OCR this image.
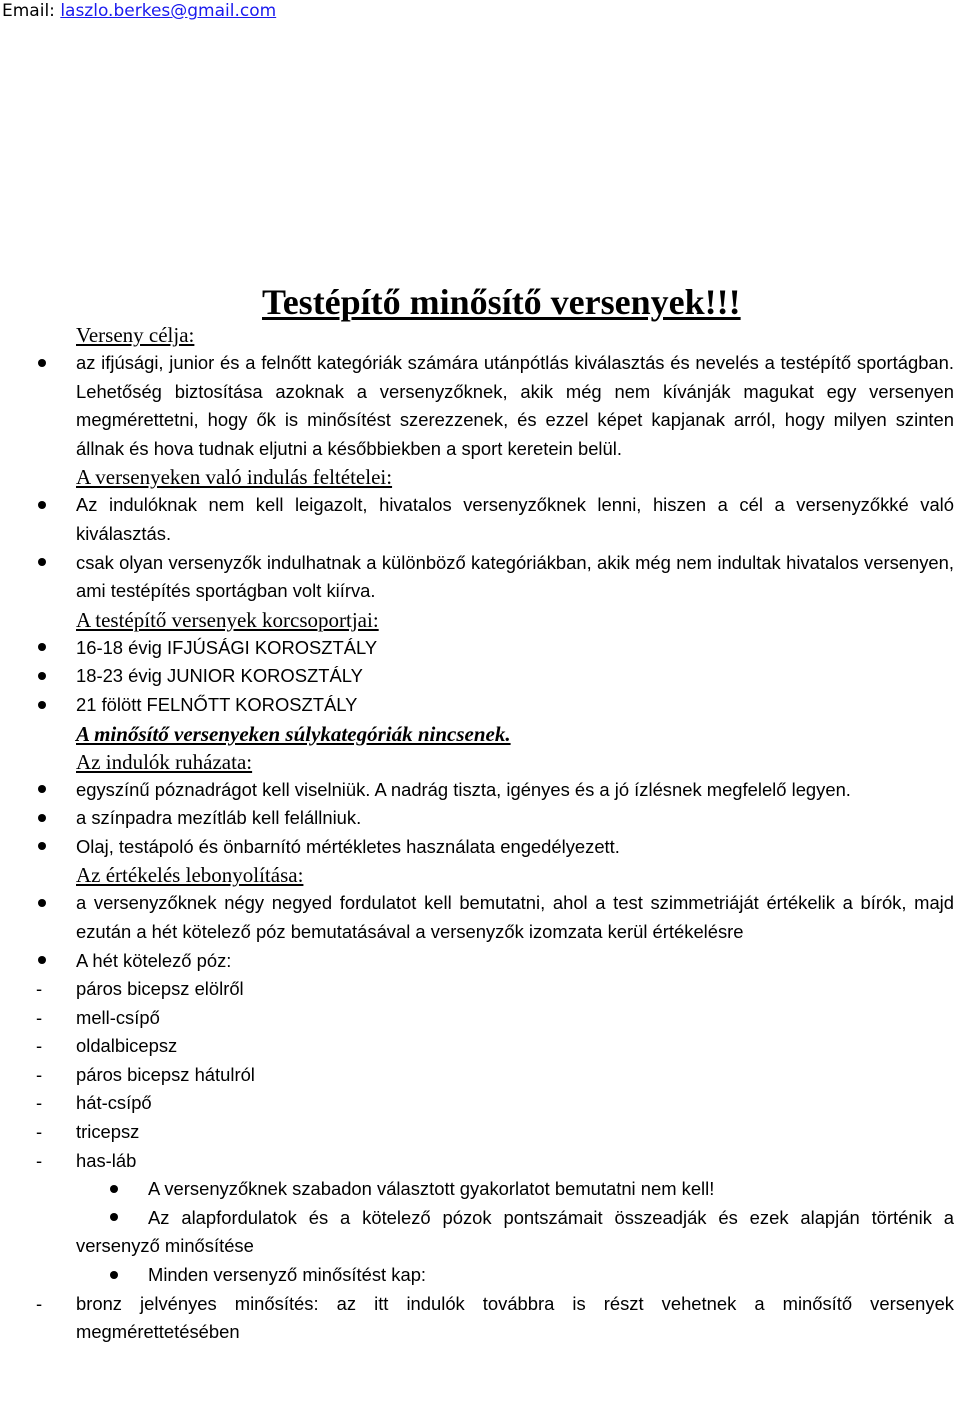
Email: laszlo.berkes@gmail.com
Testépítő minősítő versenyek!!!
Verseny célja:
az ifjúsági, junior és a felnőtt kategóriák számára utánpótlás kiválasztás és nevelés a testépítő sportágban. Lehetőség biztosítása azoknak a versenyzőknek, akik még nem kívánják magukat egy versenyen megmérettetni, hogy ők is minősítést szerezzenek, és ezzel képet kapjanak arról, hogy milyen szinten állnak és hova tudnak eljutni a későbbiekben a sport keretein belül.
A versenyeken való indulás feltételei:
Az indulóknak nem kell leigazolt, hivatalos versenyzőknek lenni, hiszen a cél a versenyzőkké való kiválasztás.
csak olyan versenyzők indulhatnak a különböző kategóriákban, akik még nem indultak hivatalos versenyen, ami testépítés sportágban volt kiírva.
A testépítő versenyek korcsoportjai:
16-18 évig IFJÚSÁGI KOROSZTÁLY
18-23 évig JUNIOR KOROSZTÁLY
21 fölött FELNŐTT KOROSZTÁLY
A minősítő versenyeken súlykategóriák nincsenek.
Az indulók ruházata:
egyszínű póznadrágot kell viselniük. A nadrág tiszta, igényes és a jó ízlésnek megfelelő legyen.
a színpadra mezítláb kell felállniuk.
Olaj, testápoló és önbarnító mértékletes használata engedélyezett.
Az értékelés lebonyolítása:
a versenyzőknek négy negyed fordulatot kell bemutatni, ahol a test szimmetriáját értékelik a bírók, majd ezután a hét kötelező póz bemutatásával a versenyzők izomzata kerül értékelésre
A hét kötelező póz:
-	páros bicepsz elölről
-	mell-csípő
-	oldalbicepsz
-	páros bicepsz hátulról
-	hát-csípő
-	tricepsz
-	has-láb
A versenyzőknek szabadon választott gyakorlatot bemutatni nem kell!
Az alapfordulatok és a kötelező pózok pontszámait összeadják és ezek alapján történik a versenyző minősítése
Minden versenyző minősítést kap:
-	bronz jelvényes minősítés: az itt indulók továbbra is részt vehetnek a minősítő versenyek megmérettetésében
